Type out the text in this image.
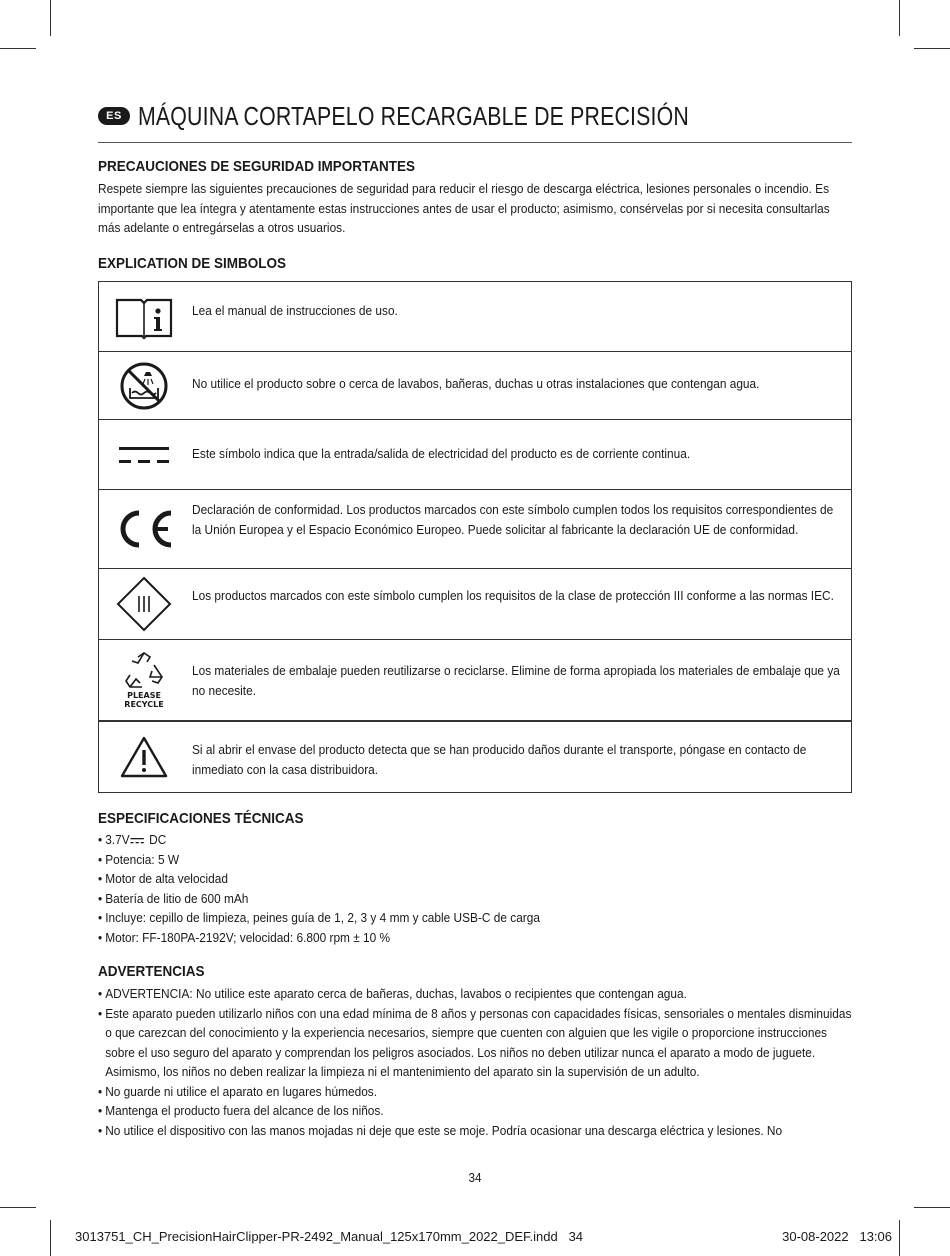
ES MÁQUINA CORTAPELO RECARGABLE DE PRECISIÓN
PRECAUCIONES DE SEGURIDAD IMPORTANTES
Respete siempre las siguientes precauciones de seguridad para reducir el riesgo de descarga eléctrica, lesiones personales o incendio. Es importante que lea íntegra y atentamente estas instrucciones antes de usar el producto; asimismo, consérvelas por si necesita consultarlas más adelante o entregárselas a otros usuarios.
EXPLICATION DE SIMBOLOS
Lea el manual de instrucciones de uso.
No utilice el producto sobre o cerca de lavabos, bañeras, duchas u otras instalaciones que contengan agua.
Este símbolo indica que la entrada/salida de electricidad del producto es de corriente continua.
Declaración de conformidad. Los productos marcados con este símbolo cumplen todos los requisitos correspondientes de la Unión Europea y el Espacio Económico Europeo. Puede solicitar al fabricante la declaración UE de conformidad.
Los productos marcados con este símbolo cumplen los requisitos de la clase de protección III conforme a las normas IEC.
PLEASE
RECYCLE
Los materiales de embalaje pueden reutilizarse o reciclarse. Elimine de forma apropiada los materiales de embalaje que ya no necesite.
Si al abrir el envase del producto detecta que se han producido daños durante el transporte, póngase en contacto de inmediato con la casa distribuidora.
ESPECIFICACIONES TÉCNICAS
• 3.7V DC
• Potencia: 5 W
• Motor de alta velocidad
• Batería de litio de 600 mAh
• Incluye: cepillo de limpieza, peines guía de 1, 2, 3 y 4 mm y cable USB-C de carga
• Motor: FF-180PA-2192V; velocidad: 6.800 rpm ± 10 %
ADVERTENCIAS
• ADVERTENCIA: No utilice este aparato cerca de bañeras, duchas, lavabos o recipientes que contengan agua.
• Este aparato pueden utilizarlo niños con una edad mínima de 8 años y personas con capacidades físicas, sensoriales o mentales disminuidas o que carezcan del conocimiento y la experiencia necesarios, siempre que cuenten con alguien que les vigile o proporcione instrucciones sobre el uso seguro del aparato y comprendan los peligros asociados. Los niños no deben utilizar nunca el aparato a modo de juguete. Asimismo, los niños no deben realizar la limpieza ni el mantenimiento del aparato sin la supervisión de un adulto.
• No guarde ni utilice el aparato en lugares húmedos.
• Mantenga el producto fuera del alcance de los niños.
• No utilice el dispositivo con las manos mojadas ni deje que este se moje. Podría ocasionar una descarga eléctrica y lesiones. No
34
3013751_CH_PrecisionHairClipper-PR-2492_Manual_125x170mm_2022_DEF.indd   34	30-08-2022   13:06
